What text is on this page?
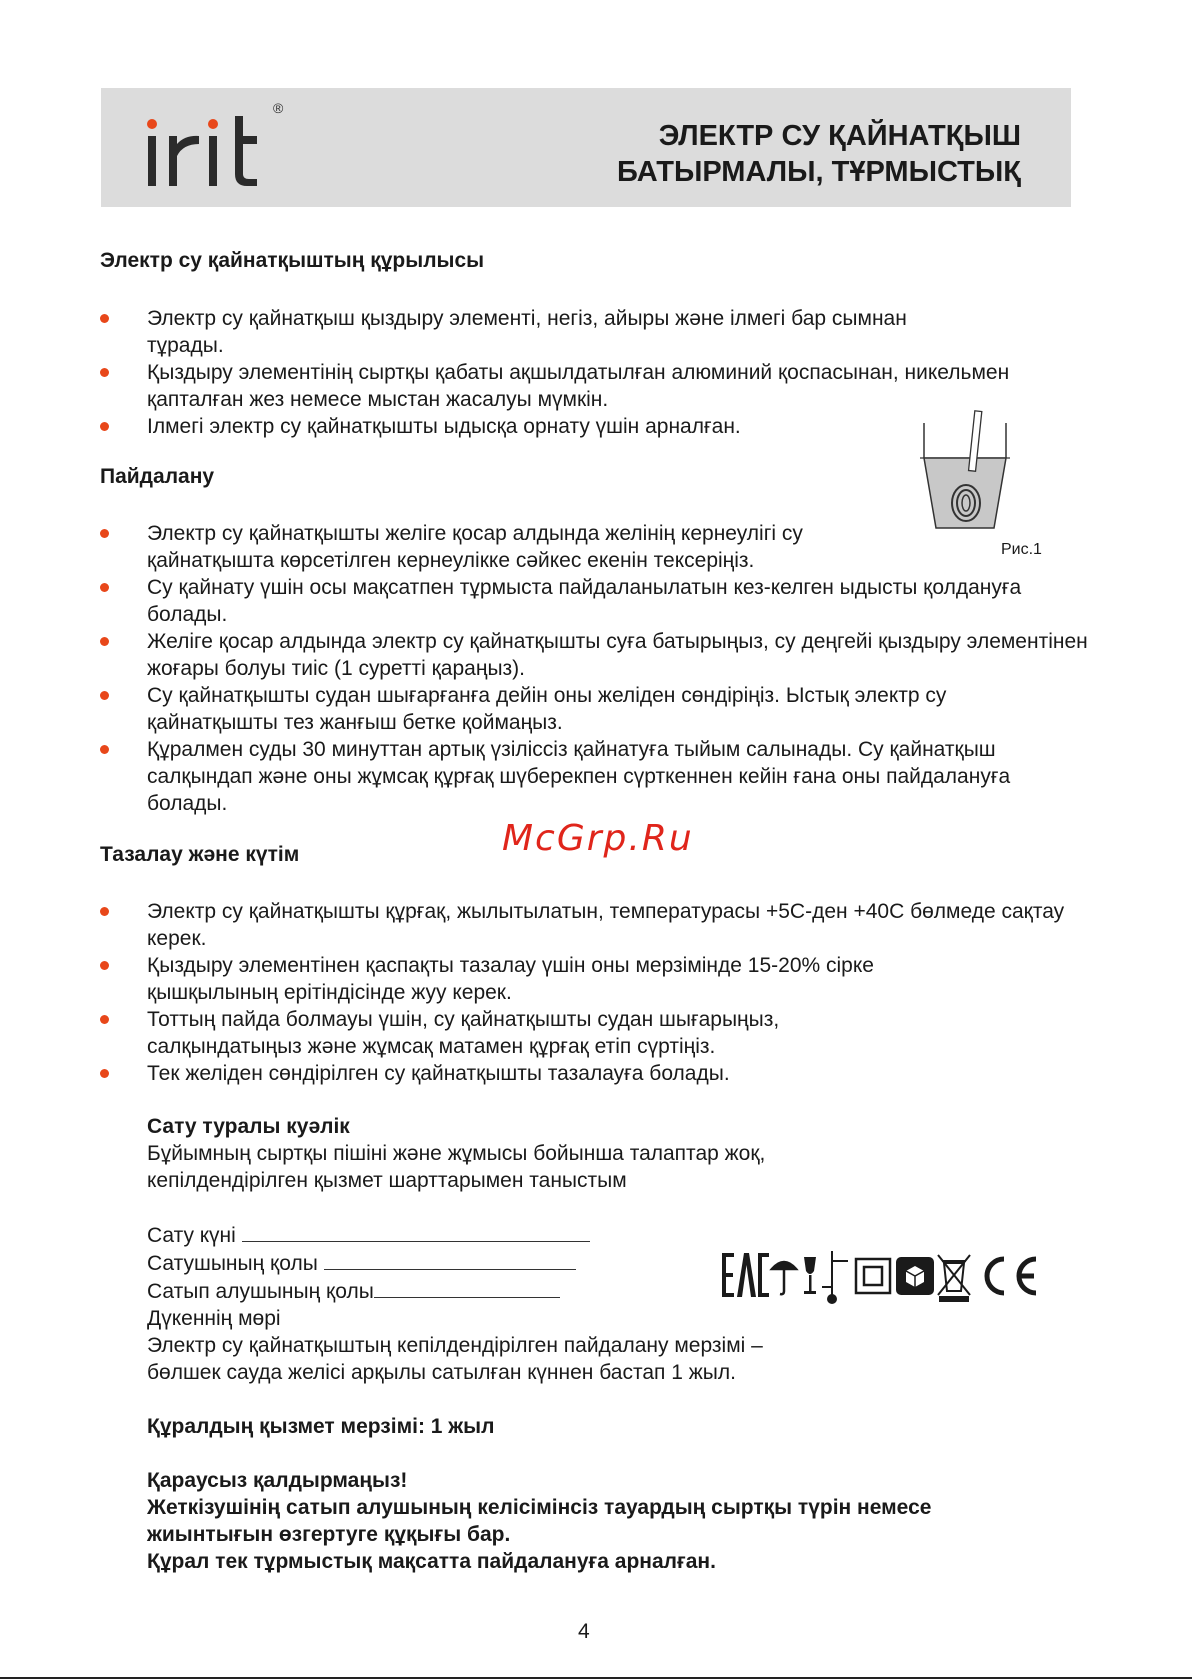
®
ЭЛЕКТР СУ ҚАЙНАТҚЫШ
БАТЫРМАЛЫ, ТҰРМЫСТЫҚ
Электр су қайнатқыштың құрылысы
Электр су қайнатқыш қыздыру элементі, негіз, айыры және ілмегі бар сымнан тұрады.
Қыздыру элементінің сыртқы қабаты ақшылдатылған алюминий қоспасынан, никельмен қапталған жез немесе мыстан жасалуы мүмкін.
Ілмегі электр су қайнатқышты ыдысқа орнату үшін арналған.
Рис.1
Пайдалану
Электр су қайнатқышты желіге қосар алдында желінің кернеулігі су қайнатқышта көрсетілген кернеулікке сәйкес екенін тексеріңіз.
Су қайнату үшін осы мақсатпен тұрмыста пайдаланылатын кез-келген ыдысты қолдануға болады.
Желіге қосар алдында электр су қайнатқышты суға батырыңыз, су деңгейі қыздыру элементінен жоғары болуы тиіс (1 суретті қараңыз).
Су қайнатқышты судан шығарғанға дейін оны желіден сөндіріңіз. Ыстық электр су қайнатқышты тез жанғыш бетке қоймаңыз.
Құралмен суды 30 минуттан артық үзіліссіз қайнатуға тыйым салынады. Су қайнатқыш салқындап және оны жұмсақ құрғақ шүберекпен сүрткеннен кейін ғана оны пайдалануға болады.
McGrp.Ru
Тазалау және күтім
Электр су қайнатқышты құрғақ, жылытылатын, температурасы +5С-ден +40С бөлмеде сақтау керек.
Қыздыру элементінен қаспақты тазалау үшін оны мерзімінде 15-20% сірке қышқылының ерітіндісінде жуу керек.
Тоттың пайда болмауы үшін, су қайнатқышты судан шығарыңыз, салқындатыңыз және жұмсақ матамен құрғақ етіп сүртіңіз.
Тек желіден сөндірілген су қайнатқышты тазалауға болады.
Сату туралы куәлік
Бұйымның сыртқы пішіні және жұмысы бойынша талаптар жоқ,
кепілдендірілген қызмет шарттарымен таныстым
Сату күні
Сатушының қолы
Сатып алушының қолы
Дүкеннің мөрі
Электр су қайнатқыштың кепілдендірілген пайдалану мерзімі –
бөлшек сауда желісі арқылы сатылған күннен бастап 1 жыл.
Құралдың қызмет мерзімі: 1 жыл
Қараусыз қалдырмаңыз!
Жеткізушінің сатып алушының келісімінсіз тауардың сыртқы түрін немесе
жиынтығын өзгертуге құқығы бар.
Құрал тек тұрмыстық мақсатта пайдалануға арналған.
4
